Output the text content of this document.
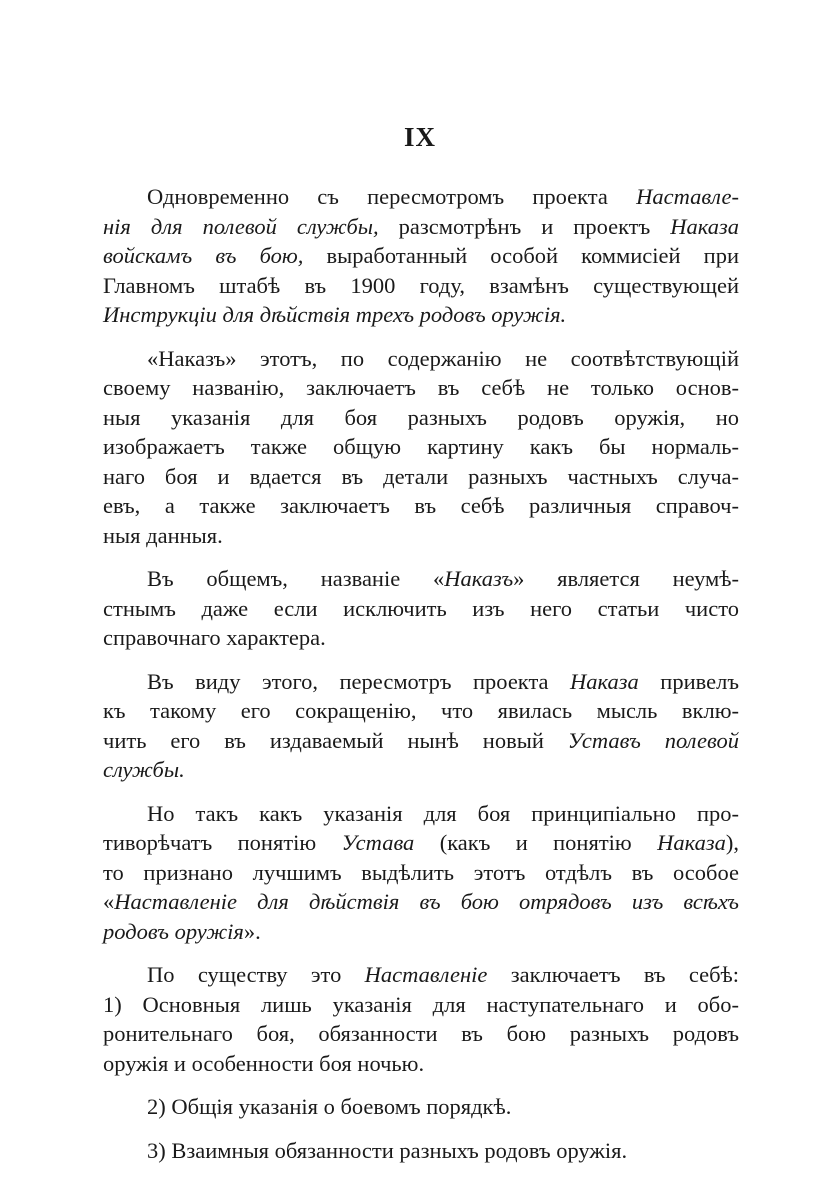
IX
Одновременно съ пересмотромъ проекта Наставле-
нія для полевой службы, разсмотрѣнъ и проектъ Наказа
войскамъ въ бою, выработанный особой коммисіей при
Главномъ штабѣ въ 1900 году, взамѣнъ существующей
Инструкціи для дѣйствія трехъ родовъ оружія.
«Наказъ» этотъ, по содержанію не соотвѣтствующій
своему названію, заключаетъ въ себѣ не только основ-
ныя указанія для боя разныхъ родовъ оружія, но
изображаетъ также общую картину какъ бы нормаль-
наго боя и вдается въ детали разныхъ частныхъ случа-
евъ, а также заключаетъ въ себѣ различныя справоч-
ныя данныя.
Въ общемъ, названіе «Наказъ» является неумѣ-
стнымъ даже если исключить изъ него статьи чисто
справочнаго характера.
Въ виду этого, пересмотръ проекта Наказа привелъ
къ такому его сокращенію, что явилась мысль вклю-
чить его въ издаваемый нынѣ новый Уставъ полевой
службы.
Но такъ какъ указанія для боя принципіально про-
тиворѣчатъ понятію Устава (какъ и понятію Наказа),
то признано лучшимъ выдѣлить этотъ отдѣлъ въ особое
«Наставленіе для дѣйствія въ бою отрядовъ изъ всѣхъ
родовъ оружія».
По существу это Наставленіе заключаетъ въ себѣ:
1) Основныя лишь указанія для наступательнаго и обо-
ронительнаго боя, обязанности въ бою разныхъ родовъ
оружія и особенности боя ночью.
2) Общія указанія о боевомъ порядкѣ.
3) Взаимныя обязанности разныхъ родовъ оружія.
